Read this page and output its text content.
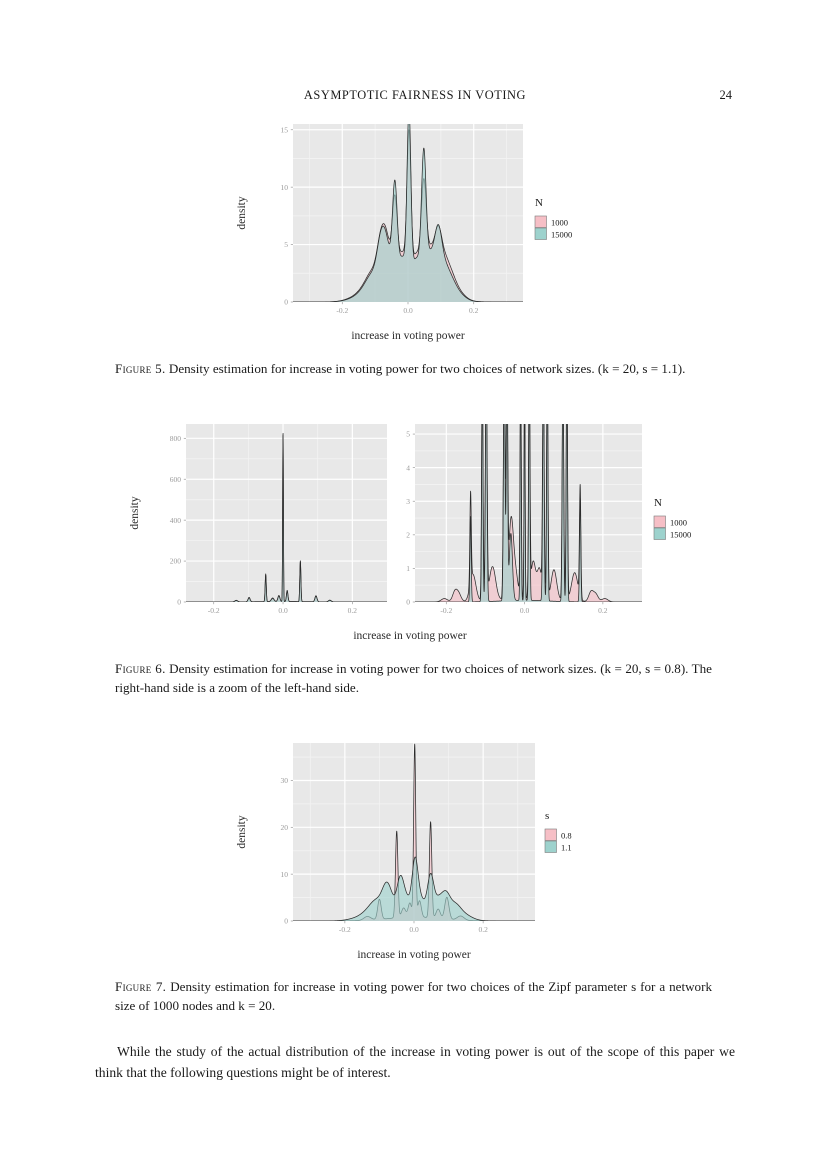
ASYMPTOTIC FAIRNESS IN VOTING	24
-0.2	0.0	0.2
0
5
10
15
density
increase in voting power
N
1000
15000
Figure 5. Density estimation for increase in voting power for two choices of network sizes. (k = 20, s = 1.1).
-0.2	0.0	0.2
0
200
400
600
800
-0.2	0.0	0.2
0
1
2
3
4
5
density
increase in voting power
N
1000
15000
Figure 6. Density estimation for increase in voting power for two choices of network sizes. (k = 20, s = 0.8). The right-hand side is a zoom of the left-hand side.
-0.2	0.0	0.2
0
10
20
30
density
increase in voting power
s
0.8
1.1
Figure 7. Density estimation for increase in voting power for two choices of the Zipf parameter s for a network size of 1000 nodes and k = 20.
While the study of the actual distribution of the increase in voting power is out of the scope of this paper we think that the following questions might be of interest.
